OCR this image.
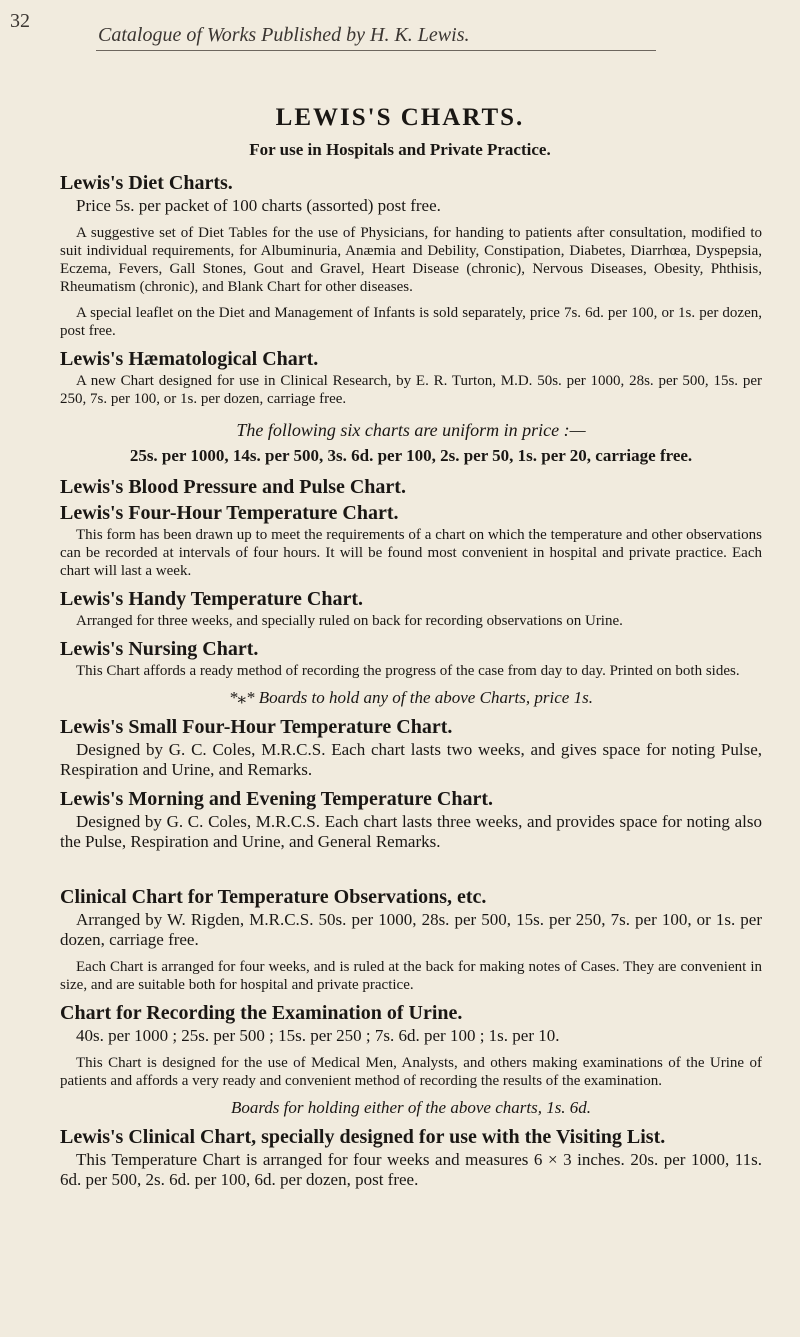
32
Catalogue of Works Published by H. K. Lewis.
LEWIS'S CHARTS.
For use in Hospitals and Private Practice.
Lewis's Diet Charts.

Price 5s. per packet of 100 charts (assorted) post free.

A suggestive set of Diet Tables for the use of Physicians, for handing to patients after consultation, modified to suit individual requirements, for Albuminuria, Anæmia and Debility, Constipation, Diabetes, Diarrhœa, Dyspepsia, Eczema, Fevers, Gall Stones, Gout and Gravel, Heart Disease (chronic), Nervous Diseases, Obesity, Phthisis, Rheumatism (chronic), and Blank Chart for other diseases.

A special leaflet on the Diet and Management of Infants is sold separately, price 7s. 6d. per 100, or 1s. per dozen, post free.

Lewis's Hæmatological Chart.

A new Chart designed for use in Clinical Research, by E. R. Turton, M.D. 50s. per 1000, 28s. per 500, 15s. per 250, 7s. per 100, or 1s. per dozen, carriage free.

The following six charts are uniform in price :—
25s. per 1000, 14s. per 500, 3s. 6d. per 100, 2s. per 50, 1s. per 20, carriage free.
Lewis's Blood Pressure and Pulse Chart.
Lewis's Four-Hour Temperature Chart.

This form has been drawn up to meet the requirements of a chart on which the temperature and other observations can be recorded at intervals of four hours. It will be found most convenient in hospital and private practice. Each chart will last a week.

Lewis's Handy Temperature Chart.

Arranged for three weeks, and specially ruled on back for recording observations on Urine.

Lewis's Nursing Chart.

This Chart affords a ready method of recording the progress of the case from day to day. Printed on both sides.

*⁎* Boards to hold any of the above Charts, price 1s.

Lewis's Small Four-Hour Temperature Chart.

Designed by G. C. Coles, M.R.C.S. Each chart lasts two weeks, and gives space for noting Pulse, Respiration and Urine, and Remarks.

Lewis's Morning and Evening Temperature Chart.

Designed by G. C. Coles, M.R.C.S. Each chart lasts three weeks, and provides space for noting also the Pulse, Respiration and Urine, and General Remarks.

Clinical Chart for Temperature Observations, etc.

Arranged by W. Rigden, M.R.C.S. 50s. per 1000, 28s. per 500, 15s. per 250, 7s. per 100, or 1s. per dozen, carriage free.

Each Chart is arranged for four weeks, and is ruled at the back for making notes of Cases. They are convenient in size, and are suitable both for hospital and private practice.

Chart for Recording the Examination of Urine.

40s. per 1000 ; 25s. per 500 ; 15s. per 250 ; 7s. 6d. per 100 ; 1s. per 10.

This Chart is designed for the use of Medical Men, Analysts, and others making examinations of the Urine of patients and affords a very ready and convenient method of recording the results of the examination.

Boards for holding either of the above charts, 1s. 6d.

Lewis's Clinical Chart, specially designed for use with the Visiting List.

This Temperature Chart is arranged for four weeks and measures 6 × 3 inches. 20s. per 1000, 11s. 6d. per 500, 2s. 6d. per 100, 6d. per dozen, post free.
